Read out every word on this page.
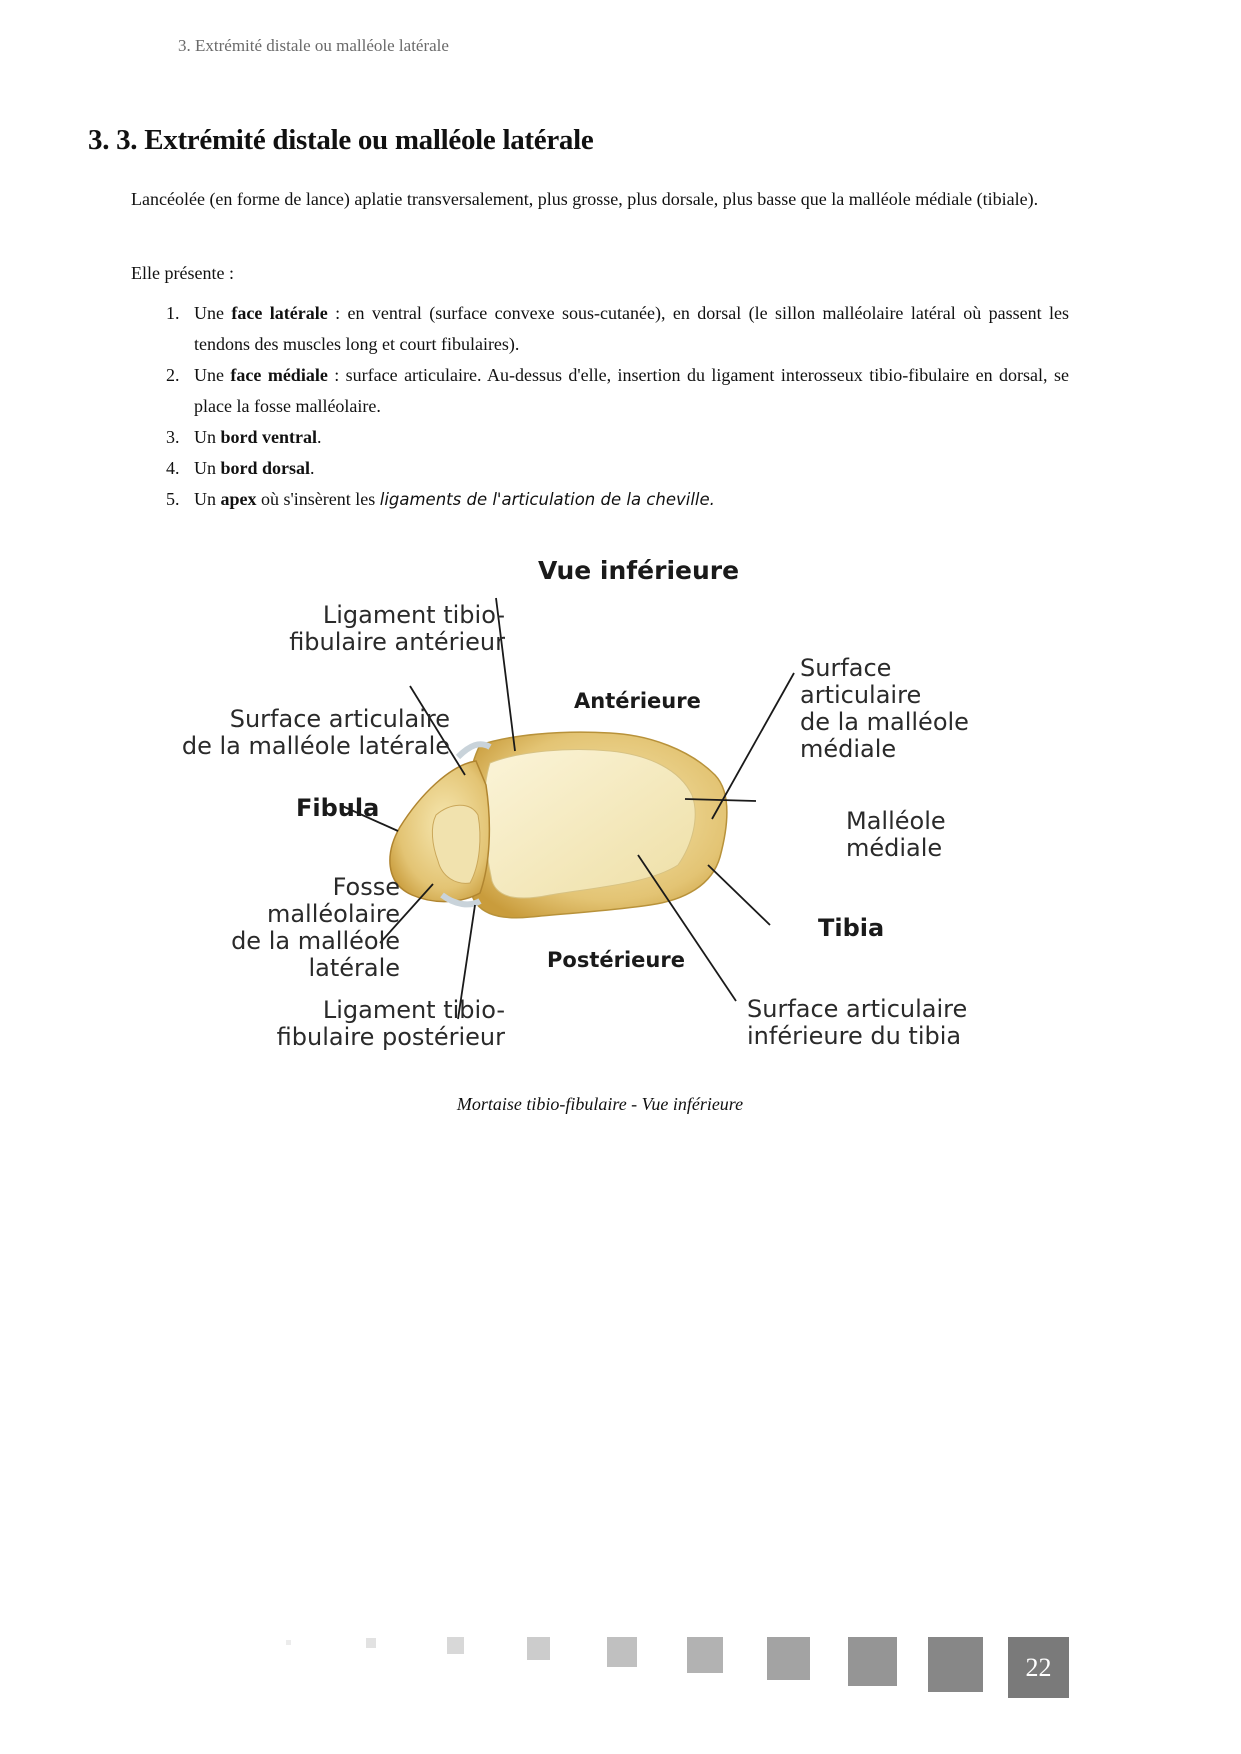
3. Extrémité distale ou malléole latérale
3. 3. Extrémité distale ou malléole latérale

Lancéolée (en forme de lance) aplatie transversalement, plus grosse, plus dorsale, plus basse que la malléole médiale (tibiale).

Elle présente :

1. Une face latérale : en ventral (surface convexe sous-cutanée), en dorsal (le sillon malléolaire latéral où passent les tendons des muscles long et court fibulaires).
2. Une face médiale : surface articulaire. Au-dessus d'elle, insertion du ligament interosseux tibio-fibulaire en dorsal, se place la fosse malléolaire.
3. Un bord ventral.
4. Un bord dorsal.
5. Un apex où s'insèrent les ligaments de l'articulation de la cheville.
Vue inférieure
Ligament tibio-
fibulaire antérieur
Surface articulaire
de la malléole latérale
Fibula
Fosse
malléolaire
de la malléole
latérale
Ligament tibio-
fibulaire postérieur
Antérieure
Postérieure
Surface
articulaire
de la malléole
médiale
Malléole
médiale
Tibia
Surface articulaire
inférieure du tibia
Mortaise tibio-fibulaire - Vue inférieure
22
